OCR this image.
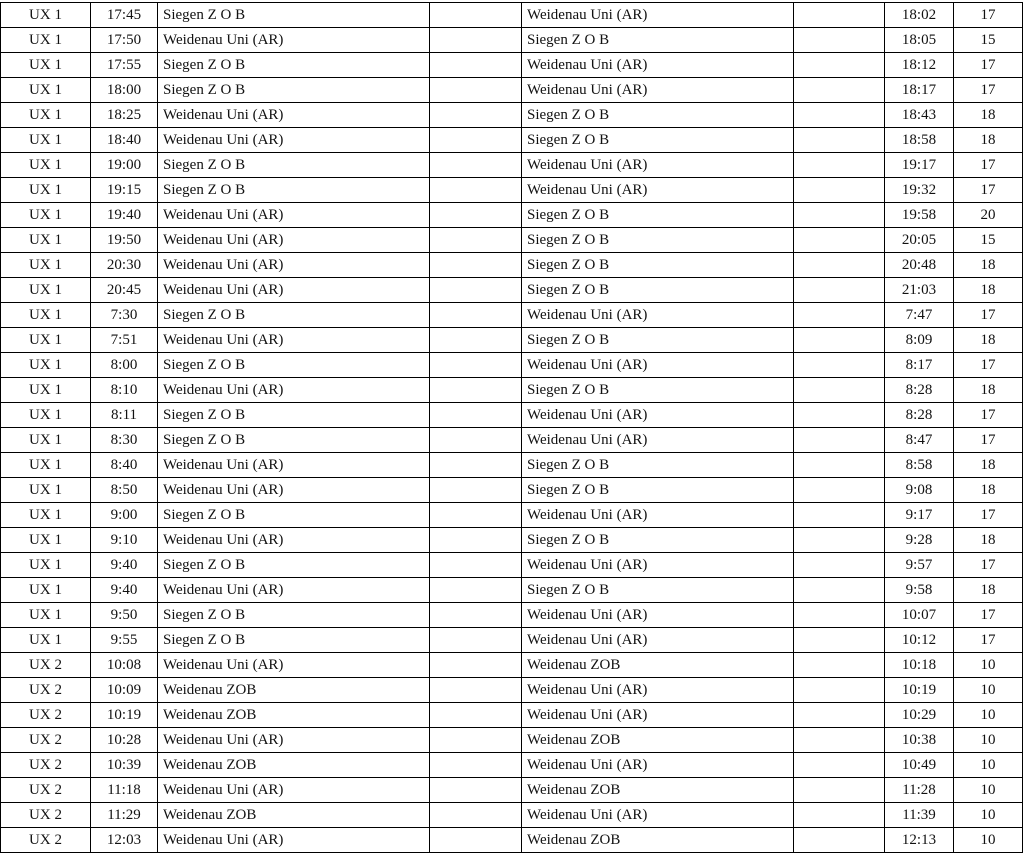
UX 1	17:45	Siegen Z O B		Weidenau Uni (AR)		18:02	17
UX 1	17:50	Weidenau Uni (AR)		Siegen Z O B		18:05	15
UX 1	17:55	Siegen Z O B		Weidenau Uni (AR)		18:12	17
UX 1	18:00	Siegen Z O B		Weidenau Uni (AR)		18:17	17
UX 1	18:25	Weidenau Uni (AR)		Siegen Z O B		18:43	18
UX 1	18:40	Weidenau Uni (AR)		Siegen Z O B		18:58	18
UX 1	19:00	Siegen Z O B		Weidenau Uni (AR)		19:17	17
UX 1	19:15	Siegen Z O B		Weidenau Uni (AR)		19:32	17
UX 1	19:40	Weidenau Uni (AR)		Siegen Z O B		19:58	20
UX 1	19:50	Weidenau Uni (AR)		Siegen Z O B		20:05	15
UX 1	20:30	Weidenau Uni (AR)		Siegen Z O B		20:48	18
UX 1	20:45	Weidenau Uni (AR)		Siegen Z O B		21:03	18
UX 1	7:30	Siegen Z O B		Weidenau Uni (AR)		7:47	17
UX 1	7:51	Weidenau Uni (AR)		Siegen Z O B		8:09	18
UX 1	8:00	Siegen Z O B		Weidenau Uni (AR)		8:17	17
UX 1	8:10	Weidenau Uni (AR)		Siegen Z O B		8:28	18
UX 1	8:11	Siegen Z O B		Weidenau Uni (AR)		8:28	17
UX 1	8:30	Siegen Z O B		Weidenau Uni (AR)		8:47	17
UX 1	8:40	Weidenau Uni (AR)		Siegen Z O B		8:58	18
UX 1	8:50	Weidenau Uni (AR)		Siegen Z O B		9:08	18
UX 1	9:00	Siegen Z O B		Weidenau Uni (AR)		9:17	17
UX 1	9:10	Weidenau Uni (AR)		Siegen Z O B		9:28	18
UX 1	9:40	Siegen Z O B		Weidenau Uni (AR)		9:57	17
UX 1	9:40	Weidenau Uni (AR)		Siegen Z O B		9:58	18
UX 1	9:50	Siegen Z O B		Weidenau Uni (AR)		10:07	17
UX 1	9:55	Siegen Z O B		Weidenau Uni (AR)		10:12	17
UX 2	10:08	Weidenau Uni (AR)		Weidenau ZOB		10:18	10
UX 2	10:09	Weidenau ZOB		Weidenau Uni (AR)		10:19	10
UX 2	10:19	Weidenau ZOB		Weidenau Uni (AR)		10:29	10
UX 2	10:28	Weidenau Uni (AR)		Weidenau ZOB		10:38	10
UX 2	10:39	Weidenau ZOB		Weidenau Uni (AR)		10:49	10
UX 2	11:18	Weidenau Uni (AR)		Weidenau ZOB		11:28	10
UX 2	11:29	Weidenau ZOB		Weidenau Uni (AR)		11:39	10
UX 2	12:03	Weidenau Uni (AR)		Weidenau ZOB		12:13	10
